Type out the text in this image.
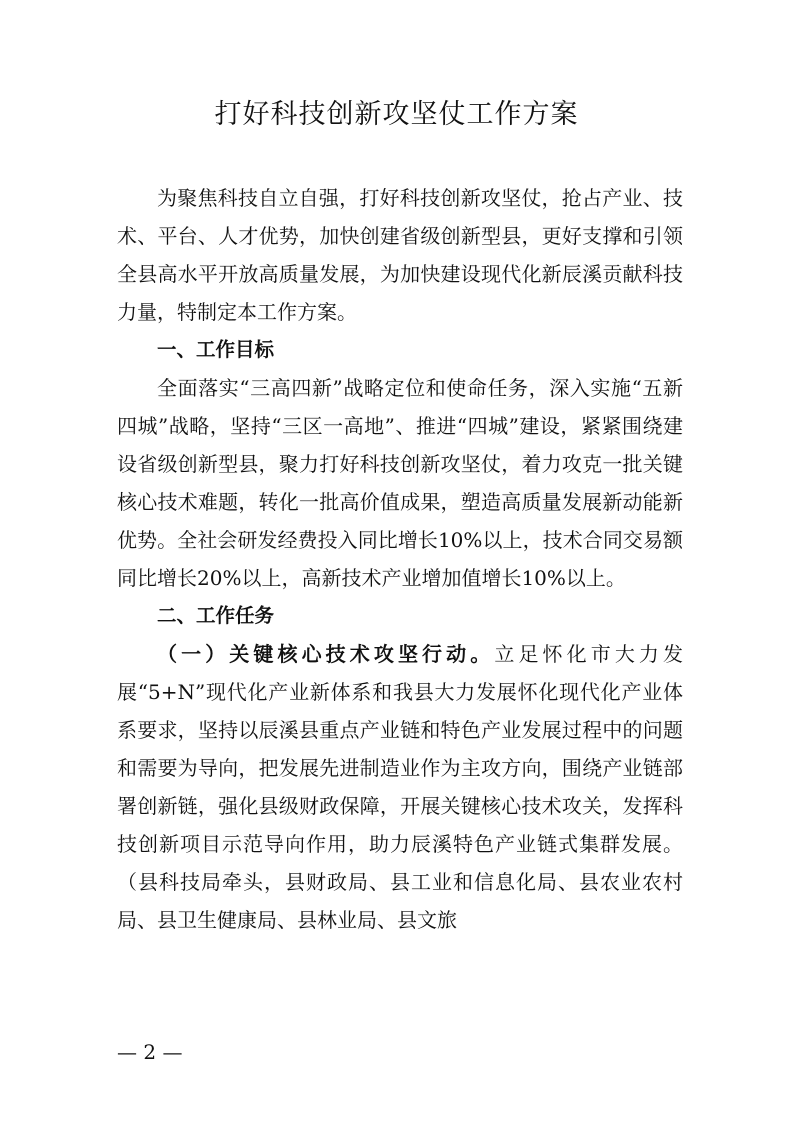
打好科技创新攻坚仗工作方案

为聚焦科技自立自强，打好科技创新攻坚仗，抢占产业、技术、平台、人才优势，加快创建省级创新型县，更好支撑和引领全县高水平开放高质量发展，为加快建设现代化新辰溪贡献科技力量，特制定本工作方案。

一、工作目标

全面落实“三高四新”战略定位和使命任务，深入实施“五新四城”战略，坚持“三区一高地”、推进“四城”建设，紧紧围绕建设省级创新型县，聚力打好科技创新攻坚仗，着力攻克一批关键核心技术难题，转化一批高价值成果，塑造高质量发展新动能新优势。全社会研发经费投入同比增长10%以上，技术合同交易额同比增长20%以上，高新技术产业增加值增长10%以上。

二、工作任务

（一）关键核心技术攻坚行动。立足怀化市大力发展“5+N”现代化产业新体系和我县大力发展怀化现代化产业体系要求，坚持以辰溪县重点产业链和特色产业发展过程中的问题和需要为导向，把发展先进制造业作为主攻方向，围绕产业链部署创新链，强化县级财政保障，开展关键核心技术攻关，发挥科技创新项目示范导向作用，助力辰溪特色产业链式集群发展。（县科技局牵头，县财政局、县工业和信息化局、县农业农村局、县卫生健康局、县林业局、县文旅

— 2 —
